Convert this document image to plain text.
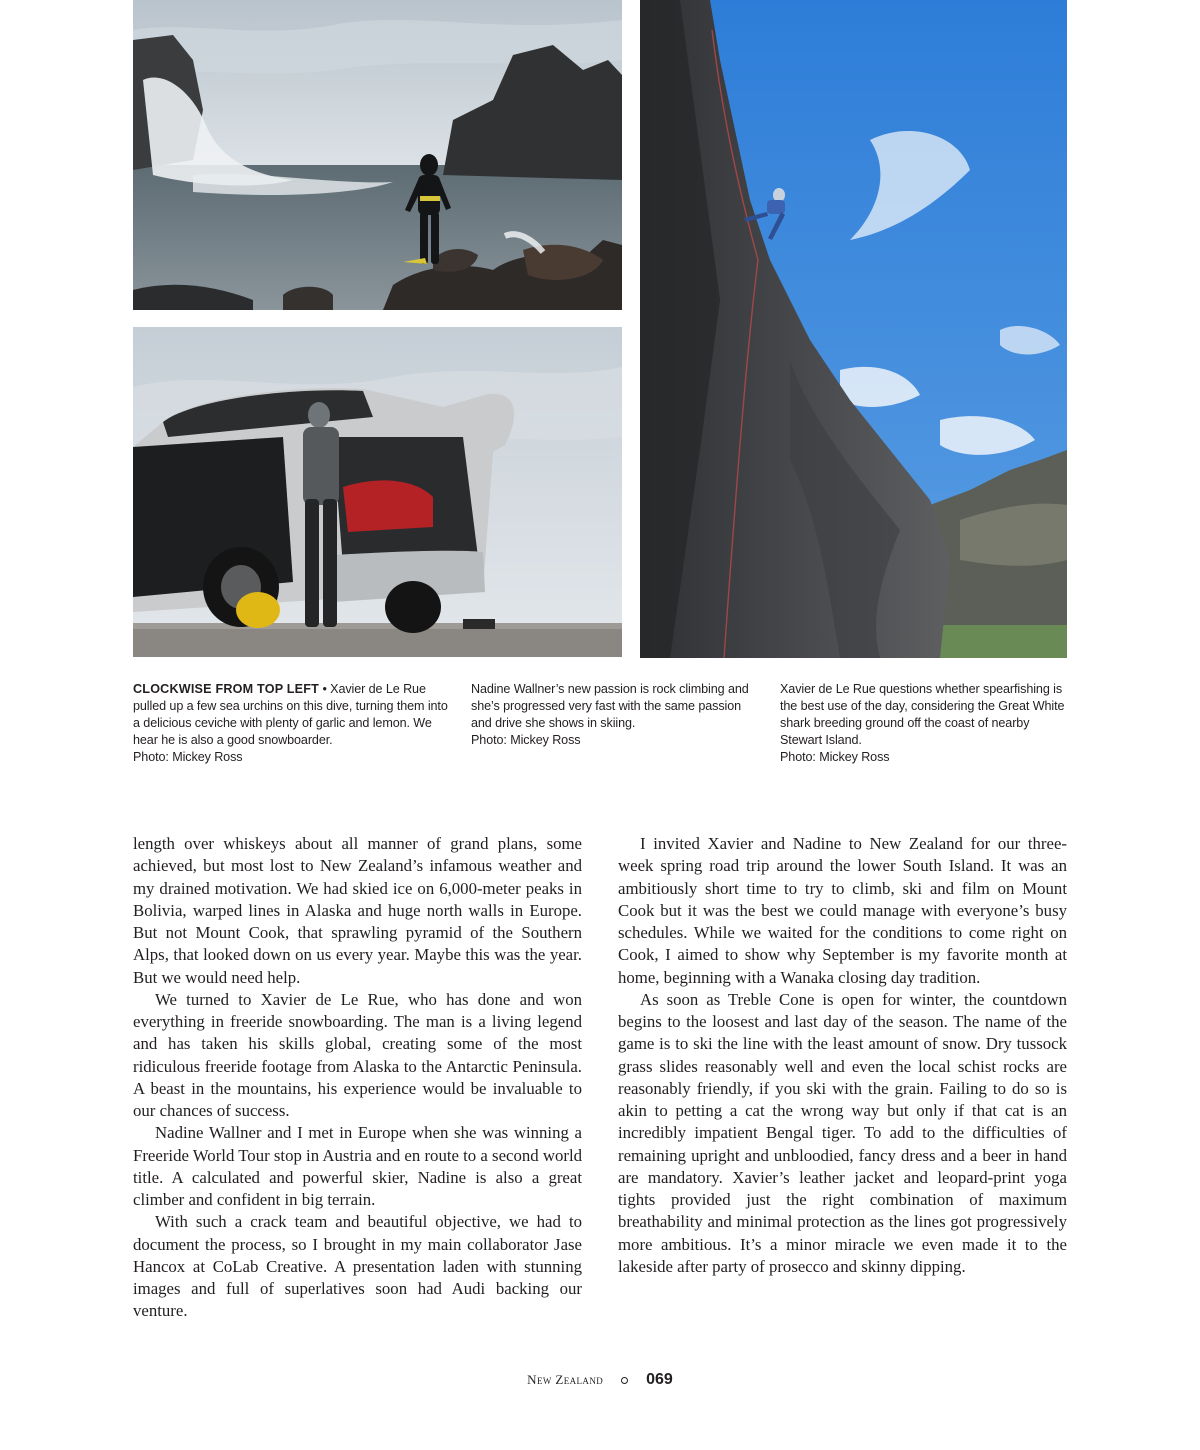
CLOCKWISE FROM TOP LEFT • Xavier de Le Rue pulled up a few sea urchins on this dive, turning them into a delicious ceviche with plenty of garlic and lemon. We hear he is also a good snowboarder.

Photo: Mickey Ross

Nadine Wallner’s new passion is rock climbing and she’s progressed very fast with the same passion and drive she shows in skiing.

Photo: Mickey Ross

Xavier de Le Rue questions whether spearfishing is the best use of the day, considering the Great White shark breeding ground off the coast of nearby Stewart Island.

Photo: Mickey Ross

length over whiskeys about all manner of grand plans, some achieved, but most lost to New Zealand’s infamous weather and my drained motivation. We had skied ice on 6,000-meter peaks in Bolivia, warped lines in Alaska and huge north walls in Europe. But not Mount Cook, that sprawling pyramid of the Southern Alps, that looked down on us every year. Maybe this was the year. But we would need help.

We turned to Xavier de Le Rue, who has done and won everything in freeride snowboarding. The man is a living legend and has taken his skills global, creating some of the most ridiculous freeride footage from Alaska to the Antarctic Peninsula. A beast in the mountains, his experience would be invaluable to our chances of success.

Nadine Wallner and I met in Europe when she was winning a Freeride World Tour stop in Austria and en route to a second world title. A calculated and powerful skier, Nadine is also a great climber and confident in big terrain.

With such a crack team and beautiful objective, we had to document the process, so I brought in my main collaborator Jase Hancox at CoLab Creative. A presentation laden with stunning images and full of superlatives soon had Audi backing our venture.

I invited Xavier and Nadine to New Zealand for our three-week spring road trip around the lower South Island. It was an ambitiously short time to try to climb, ski and film on Mount Cook but it was the best we could manage with everyone’s busy schedules. While we waited for the conditions to come right on Cook, I aimed to show why September is my favorite month at home, beginning with a Wanaka closing day tradition.

As soon as Treble Cone is open for winter, the countdown begins to the loosest and last day of the season. The name of the game is to ski the line with the least amount of snow. Dry tussock grass slides reasonably well and even the local schist rocks are reasonably friendly, if you ski with the grain. Failing to do so is akin to petting a cat the wrong way but only if that cat is an incredibly impatient Bengal tiger. To add to the difficulties of remaining upright and unbloodied, fancy dress and a beer in hand are mandatory. Xavier’s leather jacket and leopard-print yoga tights provided just the right combination of maximum breathability and minimal protection as the lines got progressively more ambitious. It’s a minor miracle we even made it to the lakeside after party of prosecco and skinny dipping.

New Zealand	069
